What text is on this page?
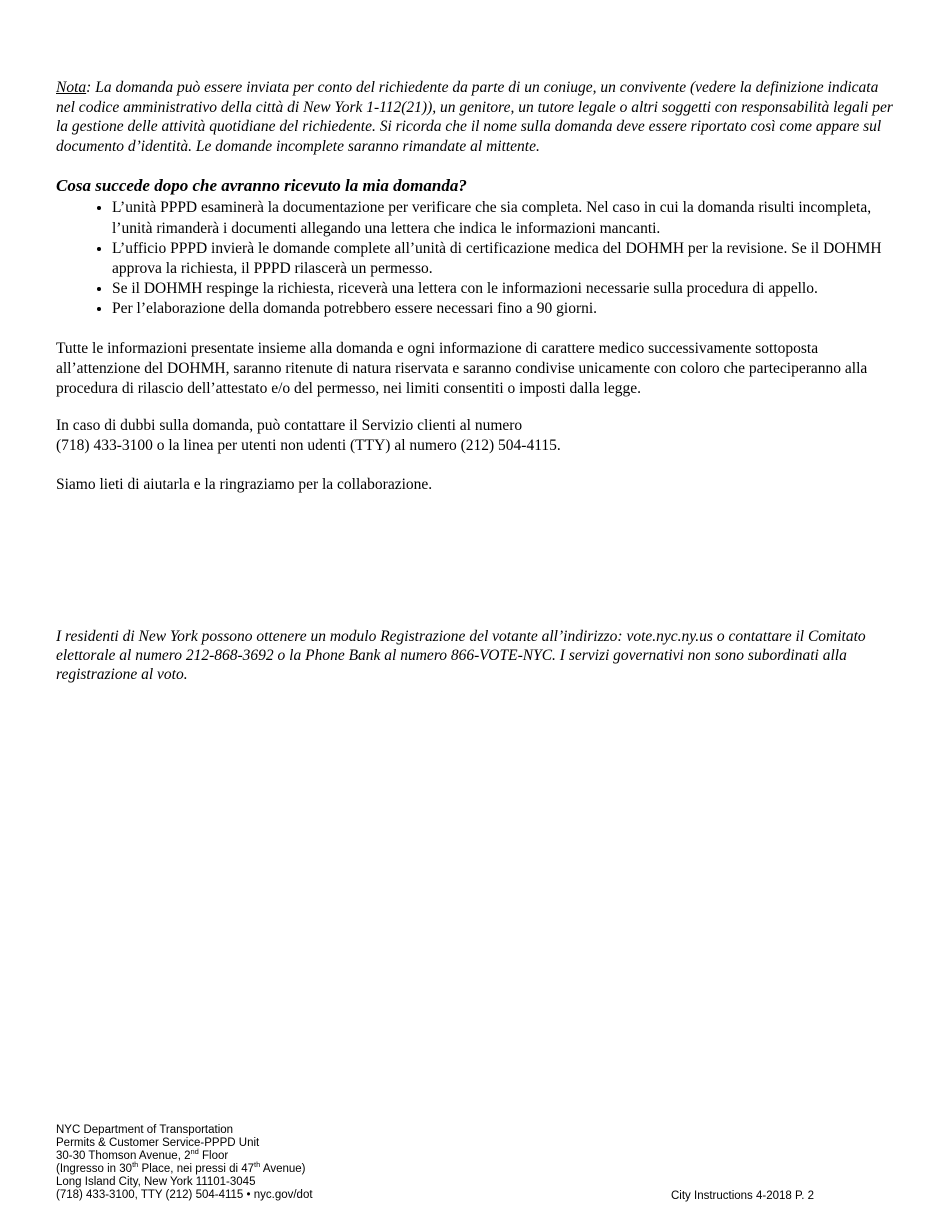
Nota: La domanda può essere inviata per conto del richiedente da parte di un coniuge, un convivente (vedere la definizione indicata nel codice amministrativo della città di New York 1-112(21)), un genitore, un tutore legale o altri soggetti con responsabilità legali per la gestione delle attività quotidiane del richiedente. Si ricorda che il nome sulla domanda deve essere riportato così come appare sul documento d’identità. Le domande incomplete saranno rimandate al mittente.

Cosa succede dopo che avranno ricevuto la mia domanda?
• L’unità PPPD esaminerà la documentazione per verificare che sia completa. Nel caso in cui la domanda risulti incompleta, l’unità rimanderà i documenti allegando una lettera che indica le informazioni mancanti.
• L’ufficio PPPD invierà le domande complete all’unità di certificazione medica del DOHMH per la revisione. Se il DOHMH approva la richiesta, il PPPD rilascerà un permesso.
• Se il DOHMH respinge la richiesta, riceverà una lettera con le informazioni necessarie sulla procedura di appello.
• Per l’elaborazione della domanda potrebbero essere necessari fino a 90 giorni.

Tutte le informazioni presentate insieme alla domanda e ogni informazione di carattere medico successivamente sottoposta all’attenzione del DOHMH, saranno ritenute di natura riservata e saranno condivise unicamente con coloro che parteciperanno alla procedura di rilascio dell’attestato e/o del permesso, nei limiti consentiti o imposti dalla legge.

In caso di dubbi sulla domanda, può contattare il Servizio clienti al numero
(718) 433-3100 o la linea per utenti non udenti (TTY) al numero (212) 504-4115.

Siamo lieti di aiutarla e la ringraziamo per la collaborazione.

I residenti di New York possono ottenere un modulo Registrazione del votante all’indirizzo: vote.nyc.ny.us o contattare il Comitato elettorale al numero 212-868-3692 o la Phone Bank al numero 866-VOTE-NYC. I servizi governativi non sono subordinati alla registrazione al voto.

NYC Department of Transportation
Permits & Customer Service-PPPD Unit
30-30 Thomson Avenue, 2nd Floor
(Ingresso in 30th Place, nei pressi di 47th Avenue)
Long Island City, New York 11101-3045
(718) 433-3100, TTY (212) 504-4115 • nyc.gov/dot	City Instructions 4-2018 P. 2
